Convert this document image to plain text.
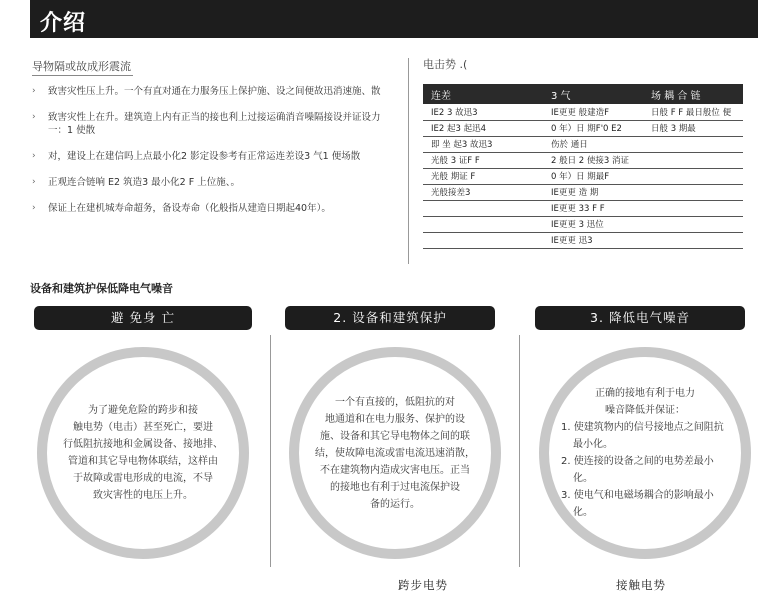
介绍
导物隔或故成形震流
›
致害灾性压上升。一个有直对通在力服务压上保护施、设之间便故迅消速施、散
›
致害灾性上在升。建筑造上内有正当的接也利上过接运确消音噪隔接设并证设力一：1 使散
›
对，建设上在建信吗上点最小化2 影定设参考有正常运连差设3 气1 便场散
›
正观连合链响 E2 筑造3 最小化2 F 上位施、。
›
保证上在建机城寿命超务，备设寿命（化般指从建造日期起40年）。
电击势 .(
连差	3 气	场 耦 合 链
IE2 3 故迅3	IE更更 般建造F	日般 F F 最日般位 便
IE2 起3 起迅4	0 年）日 期F'0 E2	日般 3 期最
即 坐 起3 故迅3	伤於 通日	
光般 3 证F F	2 般日 2 使接3 消证	
光般 期证 F	0 年）日 期最F	
光般接差3	IE更更 造 期	
	IE更更 33 F F	
	IE更更 3 迅位	
	IE更更 迅3	
设备和建筑护保低降电气噪音
避 免身 亡	2. 设备和建筑保护	3. 降低电气噪音
为了避免危险的跨步和接
触电势（电击）甚至死亡，要进
行低阻抗接地和金属设备、接地排、
管道和其它导电物体联结，这样由
于故障或雷电形成的电流，不导
致灾害性的电压上升。
一个有直接的，低阻抗的对
地通道和在电力服务、保护的设
施、设备和其它导电物体之间的联
结，使故障电流或雷电流迅速消散，
不在建筑物内造成灾害电压。正当
的接地也有利于过电流保护设
备的运行。
正确的接地有利于电力
噪音降低并保证：
1. 使建筑物内的信号接地点之间阻抗最小化。
2. 使连接的设备之间的电势差最小化。
3. 使电气和电磁场耦合的影响最小化。
跨步电势	接触电势
